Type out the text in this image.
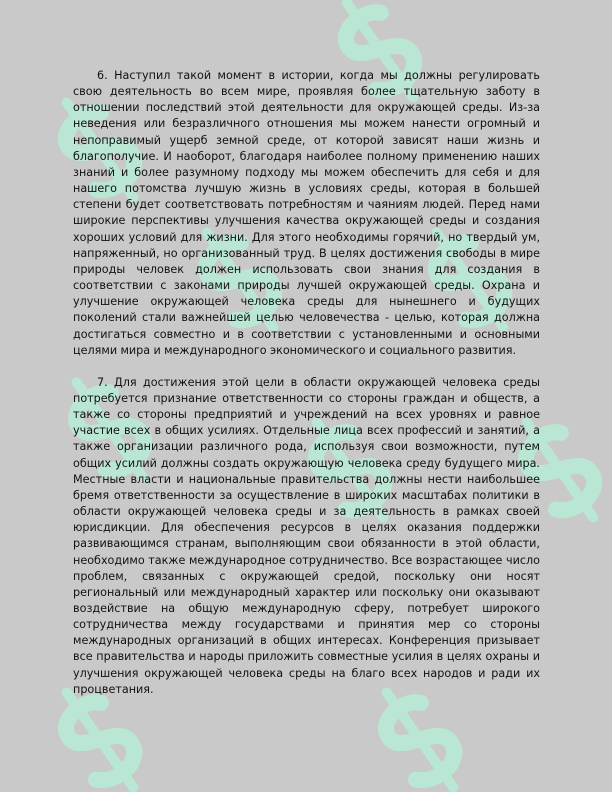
6. Наступил такой момент в истории, когда мы должны регулировать свою деятельность во всем мире, проявляя более тщательную заботу в отношении последствий этой деятельности для окружающей среды. Из-за неведения или безразличного отношения мы можем нанести огромный и непоправимый ущерб земной среде, от которой зависят наши жизнь и благополучие. И наоборот, благодаря наиболее полному применению наших знаний и более разумному подходу мы можем обеспечить для себя и для нашего потомства лучшую жизнь в условиях среды, которая в большей степени будет соответствовать потребностям и чаяниям людей. Перед нами широкие перспективы улучшения качества окружающей среды и создания хороших условий для жизни. Для этого необходимы горячий, но твердый ум, напряженный, но организованный труд. В целях достижения свободы в мире природы человек должен использовать свои знания для создания в соответствии с законами природы лучшей окружающей среды. Охрана и улучшение окружающей человека среды для нынешнего и будущих поколений стали важнейшей целью человечества - целью, которая должна достигаться совместно и в соответствии с установленными и основными целями мира и международного экономического и социального развития.

7. Для достижения этой цели в области окружающей человека среды потребуется признание ответственности со стороны граждан и обществ, а также со стороны предприятий и учреждений на всех уровнях и равное участие всех в общих усилиях. Отдельные лица всех профессий и занятий, а также организации различного рода, используя свои возможности, путем общих усилий должны создать окружающую человека среду будущего мира. Местные власти и национальные правительства должны нести наибольшее бремя ответственности за осуществление в широких масштабах политики в области окружающей человека среды и за деятельность в рамках своей юрисдикции. Для обеспечения ресурсов в целях оказания поддержки развивающимся странам, выполняющим свои обязанности в этой области, необходимо также международное сотрудничество. Все возрастающее число проблем, связанных с окружающей средой, поскольку они носят региональный или международный характер или поскольку они оказывают воздействие на общую международную сферу, потребует широкого сотрудничества между государствами и принятия мер со стороны международных организаций в общих интересах. Конференция призывает все правительства и народы приложить совместные усилия в целях охраны и улучшения окружающей человека среды на благо всех народов и ради их процветания.
